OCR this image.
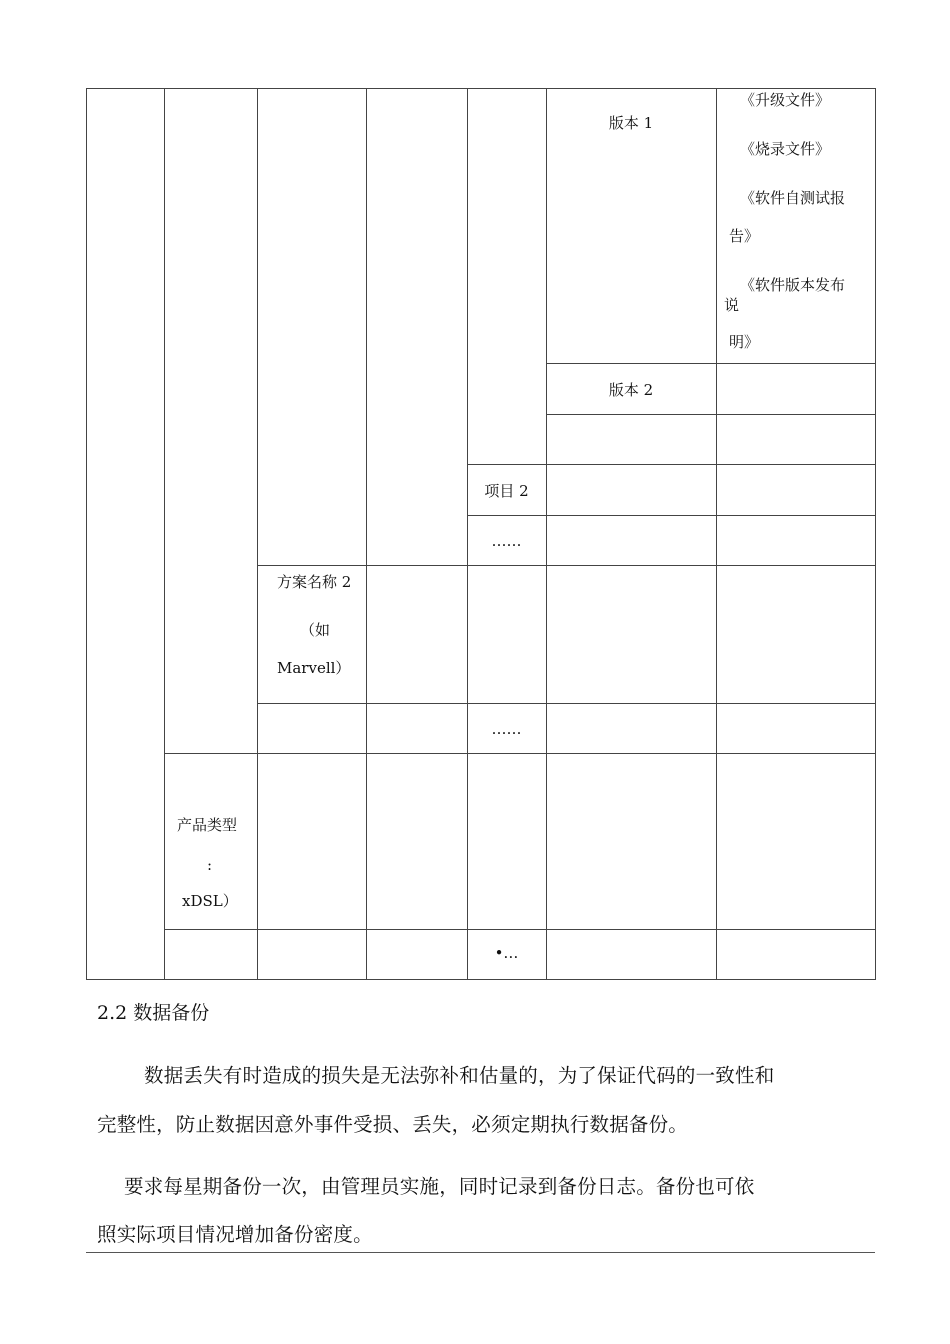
版本 1
《升级文件》
《烧录文件》
《软件自测试报
告》
《软件版本发布
说
明》
版本 2
项目 2
……
方案名称 2
（如
Marvell）
……
产品类型
:
xDSL）
•…
2.2 数据备份
数据丢失有时造成的损失是无法弥补和估量的，为了保证代码的一致性和
完整性，防止数据因意外事件受损、丢失，必须定期执行数据备份。
要求每星期备份一次，由管理员实施，同时记录到备份日志。备份也可依
照实际项目情况增加备份密度。
